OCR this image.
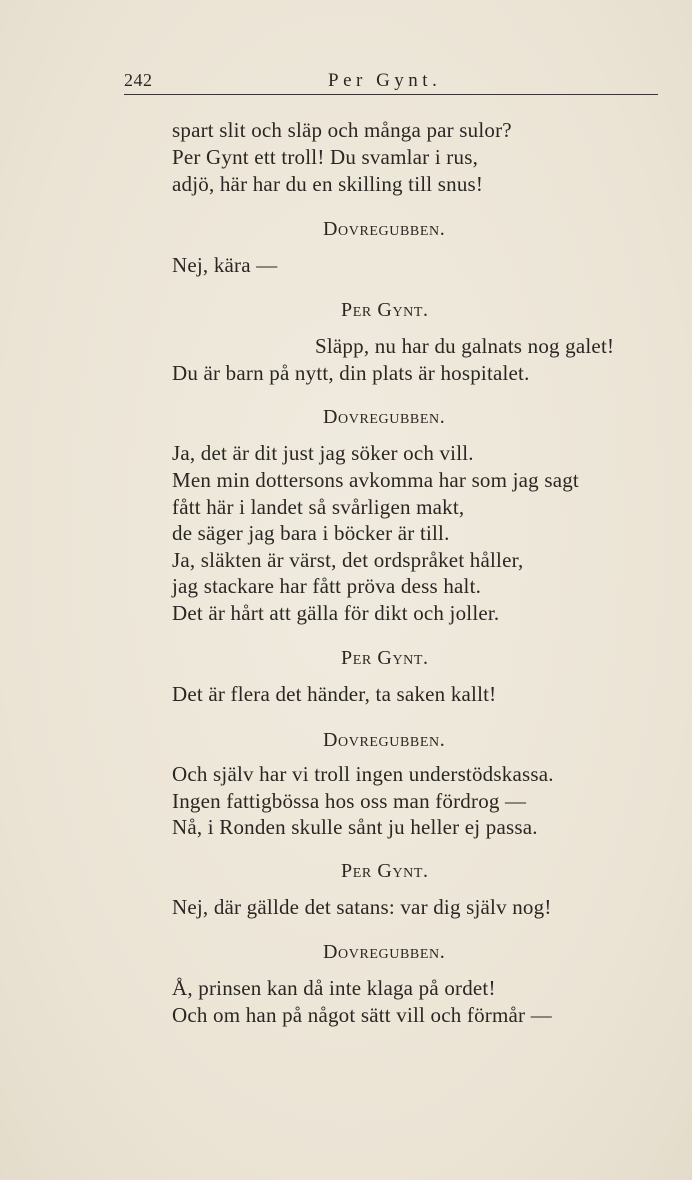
242	Per Gynt.
spart slit och släp och många par sulor?
Per Gynt ett troll! Du svamlar i rus,
adjö, här har du en skilling till snus!
Dovregubben.
Nej, kära —
Per Gynt.
Släpp, nu har du galnats nog galet!
Du är barn på nytt, din plats är hospitalet.
Dovregubben.
Ja, det är dit just jag söker och vill.
Men min dottersons avkomma har som jag sagt
fått här i landet så svårligen makt,
de säger jag bara i böcker är till.
Ja, släkten är värst, det ordspråket håller,
jag stackare har fått pröva dess halt.
Det är hårt att gälla för dikt och joller.
Per Gynt.
Det är flera det händer, ta saken kallt!
Dovregubben.
Och själv har vi troll ingen understödskassa.
Ingen fattigbössa hos oss man fördrog —
Nå, i Ronden skulle sånt ju heller ej passa.
Per Gynt.
Nej, där gällde det satans: var dig själv nog!
Dovregubben.
Å, prinsen kan då inte klaga på ordet!
Och om han på något sätt vill och förmår —
